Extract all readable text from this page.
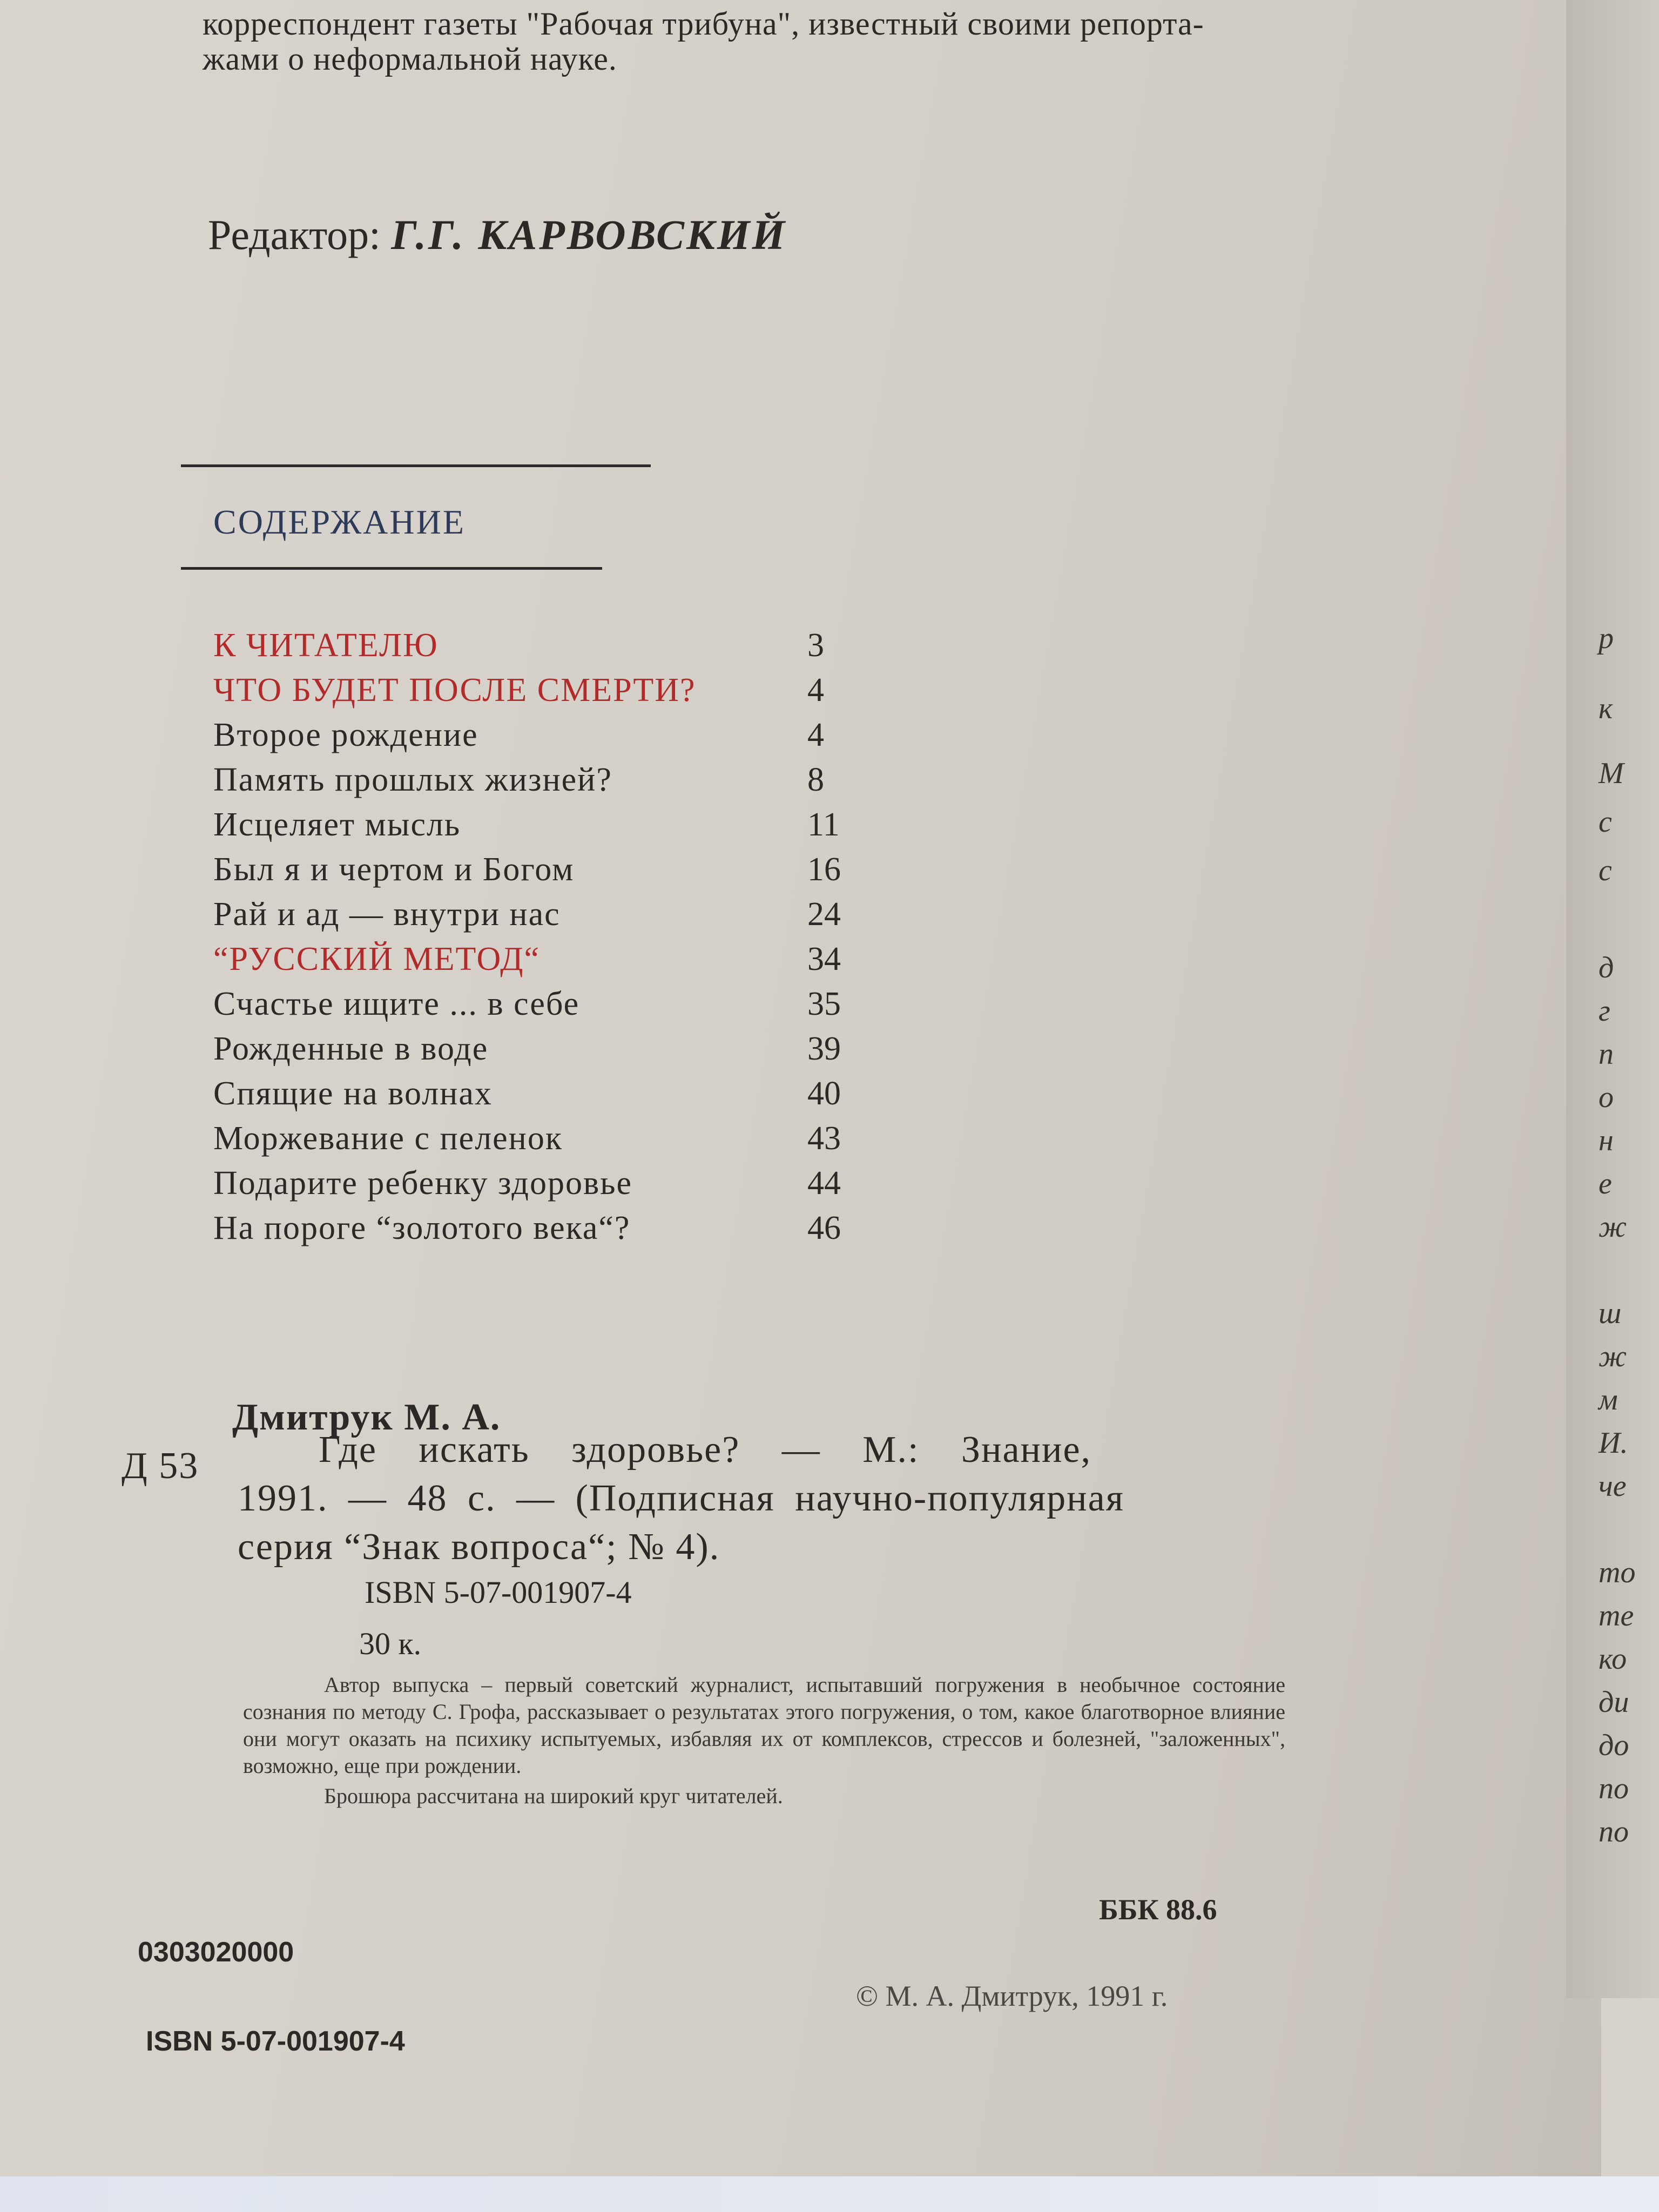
корреспондент газеты "Рабочая трибуна", известный своими репорта-
жами о неформальной науке.
Редактор: Г.Г. КАРВОВСКИЙ
СОДЕРЖАНИЕ
К ЧИТАТЕЛЮ	3
ЧТО БУДЕТ ПОСЛЕ СМЕРТИ?	4
Второе рождение	4
Память прошлых жизней?	8
Исцеляет мысль	11
Был я и чертом и Богом	16
Рай и ад — внутри нас	24
“РУССКИЙ МЕТОД“	34
Счастье ищите ... в себе	35
Рожденные в воде	39
Спящие на волнах	40
Моржевание с пеленок	43
Подарите ребенку здоровье	44
На пороге “золотого века“?	46
Дмитрук М. А.
Д 53	Где искать здоровье? — М.: Знание,
1991. — 48 с. — (Подписная научно-популярная
серия “Знак вопроса“; № 4).
ISBN 5-07-001907-4
30 к.

Автор выпуска – первый советский журналист, испытавший погружения в необычное состояние сознания по методу С. Грофа, рассказывает о результатах этого погружения, о том, какое благотворное влияние они могут оказать на психику испытуемых, избавляя их от комплексов, стрессов и болезней, "заложенных", возможно, еще при рождении.

Брошюра рассчитана на широкий круг читателей.

ББК 88.6
0303020000
© М. А. Дмитрук, 1991 г.
ISBN 5-07-001907-4
р
к
М
с
с
д
г
п
о
н
е
ж
ш
ж
м
И.
че
то
те
ко
ди
до
по
по
